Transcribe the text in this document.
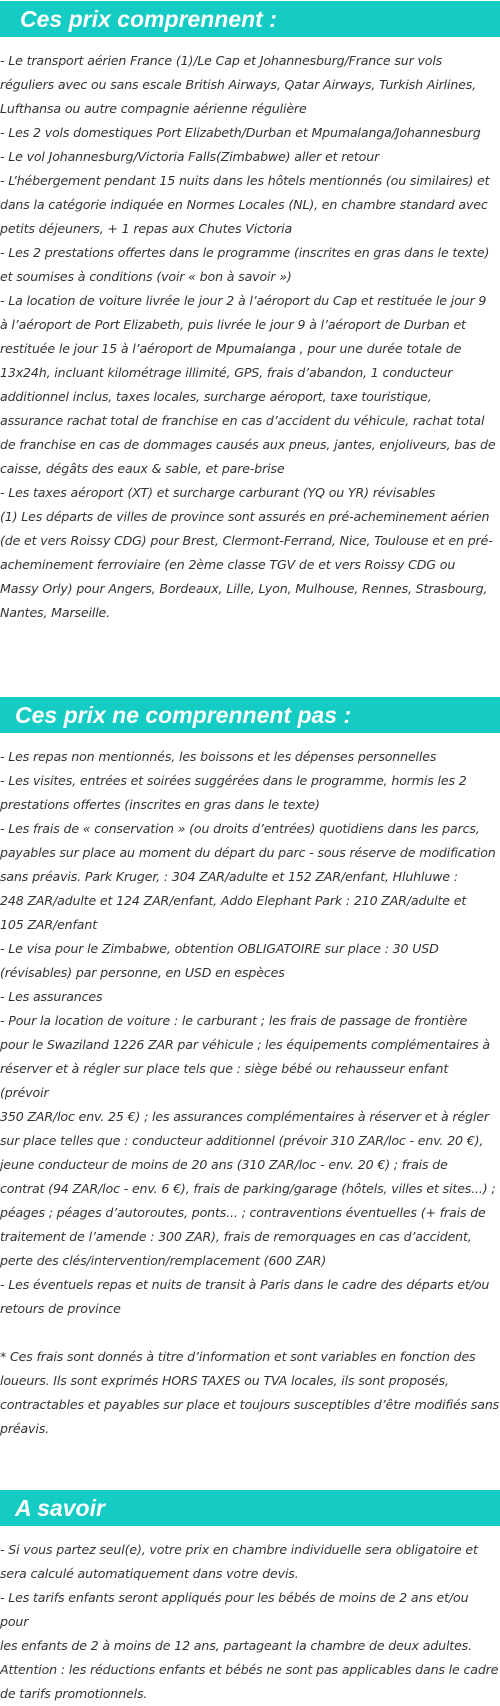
Ces prix comprennent :
- Le transport aérien France (1)/Le Cap et Johannesburg/France sur vols
réguliers avec ou sans escale British Airways, Qatar Airways, Turkish Airlines,
Lufthansa ou autre compagnie aérienne régulière
- Les 2 vols domestiques Port Elizabeth/Durban et Mpumalanga/Johannesburg
- Le vol Johannesburg/Victoria Falls(Zimbabwe) aller et retour
- L’hébergement pendant 15 nuits dans les hôtels mentionnés (ou similaires) et
dans la catégorie indiquée en Normes Locales (NL), en chambre standard avec
petits déjeuners, + 1 repas aux Chutes Victoria
- Les 2 prestations offertes dans le programme (inscrites en gras dans le texte)
et soumises à conditions (voir « bon à savoir »)
- La location de voiture livrée le jour 2 à l’aéroport du Cap et restituée le jour 9
à l’aéroport de Port Elizabeth, puis livrée le jour 9 à l’aéroport de Durban et
restituée le jour 15 à l’aéroport de Mpumalanga , pour une durée totale de
13x24h, incluant kilométrage illimité, GPS, frais d’abandon, 1 conducteur
additionnel inclus, taxes locales, surcharge aéroport, taxe touristique,
assurance rachat total de franchise en cas d’accident du véhicule, rachat total
de franchise en cas de dommages causés aux pneus, jantes, enjoliveurs, bas de
caisse, dégâts des eaux & sable, et pare-brise
- Les taxes aéroport (XT) et surcharge carburant (YQ ou YR) révisables
(1) Les départs de villes de province sont assurés en pré-acheminement aérien
(de et vers Roissy CDG) pour Brest, Clermont-Ferrand, Nice, Toulouse et en pré-
acheminement ferroviaire (en 2ème classe TGV de et vers Roissy CDG ou
Massy Orly) pour Angers, Bordeaux, Lille, Lyon, Mulhouse, Rennes, Strasbourg,
Nantes, Marseille.
Ces prix ne comprennent pas :
- Les repas non mentionnés, les boissons et les dépenses personnelles
- Les visites, entrées et soirées suggérées dans le programme, hormis les 2
prestations offertes (inscrites en gras dans le texte)
- Les frais de « conservation » (ou droits d’entrées) quotidiens dans les parcs,
payables sur place au moment du départ du parc - sous réserve de modification
sans préavis. Park Kruger, : 304 ZAR/adulte et 152 ZAR/enfant, Hluhluwe :
248 ZAR/adulte et 124 ZAR/enfant, Addo Elephant Park : 210 ZAR/adulte et
105 ZAR/enfant
- Le visa pour le Zimbabwe, obtention OBLIGATOIRE sur place : 30 USD
(révisables) par personne, en USD en espèces
- Les assurances
- Pour la location de voiture : le carburant ; les frais de passage de frontière
pour le Swaziland 1226 ZAR par véhicule ; les équipements complémentaires à
réserver et à régler sur place tels que : siège bébé ou rehausseur enfant (prévoir
350 ZAR/loc env. 25 €) ; les assurances complémentaires à réserver et à régler
sur place telles que : conducteur additionnel (prévoir 310 ZAR/loc - env. 20 €),
jeune conducteur de moins de 20 ans (310 ZAR/loc - env. 20 €) ; frais de
contrat (94 ZAR/loc - env. 6 €), frais de parking/garage (hôtels, villes et sites...) ;
péages ; péages d’autoroutes, ponts... ; contraventions éventuelles (+ frais de
traitement de l’amende : 300 ZAR), frais de remorquages en cas d’accident,
perte des clés/intervention/remplacement (600 ZAR)
- Les éventuels repas et nuits de transit à Paris dans le cadre des départs et/ou
retours de province
* Ces frais sont donnés à titre d’information et sont variables en fonction des
loueurs. Ils sont exprimés HORS TAXES ou TVA locales, ils sont proposés,
contractables et payables sur place et toujours susceptibles d’être modifiés sans
préavis.
A savoir
- Si vous partez seul(e), votre prix en chambre individuelle sera obligatoire et
sera calculé automatiquement dans votre devis.
- Les tarifs enfants seront appliqués pour les bébés de moins de 2 ans et/ou pour
les enfants de 2 à moins de 12 ans, partageant la chambre de deux adultes.
Attention : les réductions enfants et bébés ne sont pas applicables dans le cadre
de tarifs promotionnels.
